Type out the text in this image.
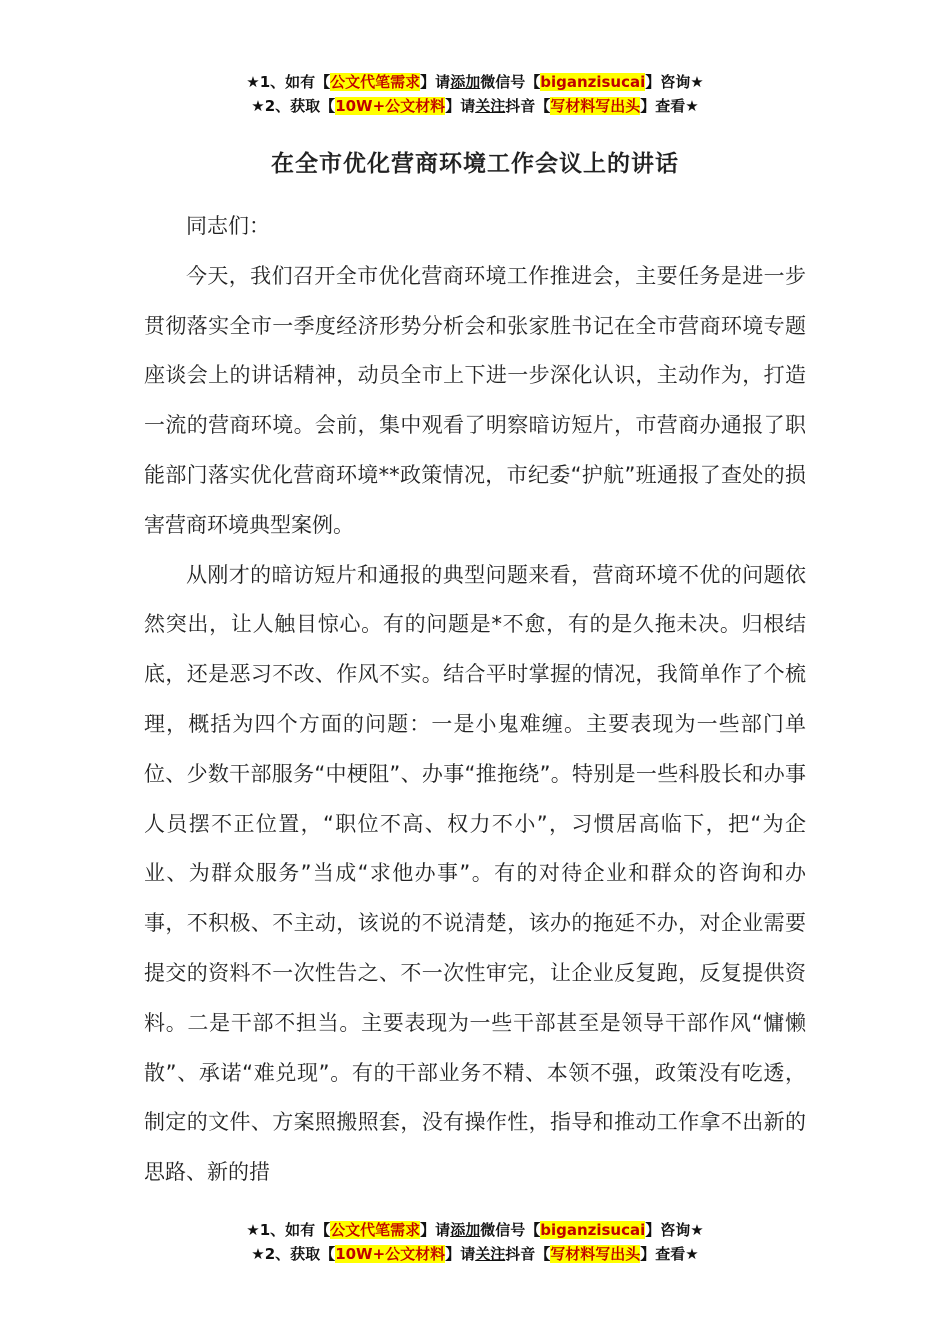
★1、如有【公文代笔需求】请添加微信号【biganzisucai】咨询★
★2、获取【10W+公文材料】请关注抖音【写材料写出头】查看★
在全市优化营商环境工作会议上的讲话

同志们：

今天，我们召开全市优化营商环境工作推进会，主要任务是进一步贯彻落实全市一季度经济形势分析会和张家胜书记在全市营商环境专题座谈会上的讲话精神，动员全市上下进一步深化认识，主动作为，打造一流的营商环境。会前，集中观看了明察暗访短片，市营商办通报了职能部门落实优化营商环境**政策情况，市纪委“护航”班通报了查处的损害营商环境典型案例。

从刚才的暗访短片和通报的典型问题来看，营商环境不优的问题依然突出，让人触目惊心。有的问题是*不愈，有的是久拖未决。归根结底，还是恶习不改、作风不实。结合平时掌握的情况，我简单作了个梳理，概括为四个方面的问题：一是小鬼难缠。主要表现为一些部门单位、少数干部服务“中梗阻”、办事“推拖绕”。特别是一些科股长和办事人员摆不正位置，“职位不高、权力不小”，习惯居高临下，把“为企业、为群众服务”当成“求他办事”。有的对待企业和群众的咨询和办事，不积极、不主动，该说的不说清楚，该办的拖延不办，对企业需要提交的资料不一次性告之、不一次性审完，让企业反复跑，反复提供资料。二是干部不担当。主要表现为一些干部甚至是领导干部作风“慵懒散”、承诺“难兑现”。有的干部业务不精、本领不强，政策没有吃透，制定的文件、方案照搬照套，没有操作性，指导和推动工作拿不出新的思路、新的措

★1、如有【公文代笔需求】请添加微信号【biganzisucai】咨询★
★2、获取【10W+公文材料】请关注抖音【写材料写出头】查看★
